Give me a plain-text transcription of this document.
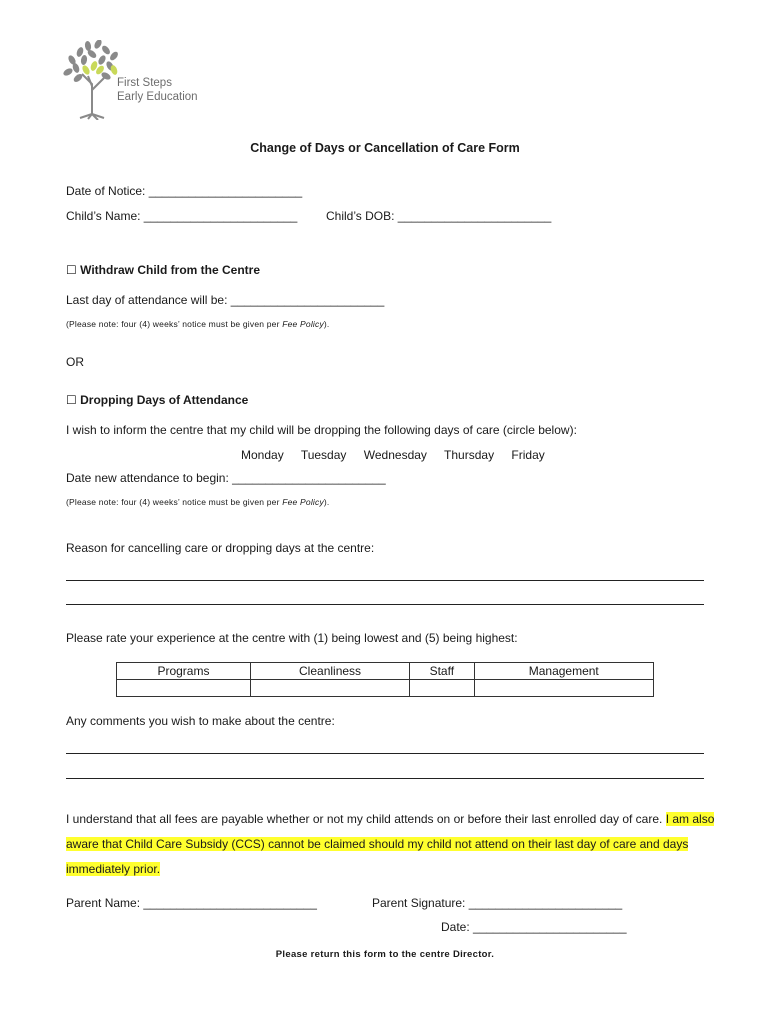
First Steps
Early Education
Change of Days or Cancellation of Care Form
Date of Notice: _______________________
Child’s Name: _______________________ Child’s DOB: _______________________
☐ Withdraw Child from the Centre
Last day of attendance will be: _______________________
(Please note: four (4) weeks’ notice must be given per Fee Policy).
OR
☐ Dropping Days of Attendance
I wish to inform the centre that my child will be dropping the following days of care (circle below):
Monday Tuesday Wednesday Thursday Friday
Date new attendance to begin: _______________________
(Please note: four (4) weeks’ notice must be given per Fee Policy).
Reason for cancelling care or dropping days at the centre:
Please rate your experience at the centre with (1) being lowest and (5) being highest:
Programs	Cleanliness	Staff	Management

Any comments you wish to make about the centre:
I understand that all fees are payable whether or not my child attends on or before their last enrolled day of care. I am also aware that Child Care Subsidy (CCS) cannot be claimed should my child not attend on their last day of care and days immediately prior.
Parent Name: __________________________	Parent Signature: _______________________
Date: _______________________
Please return this form to the centre Director.
